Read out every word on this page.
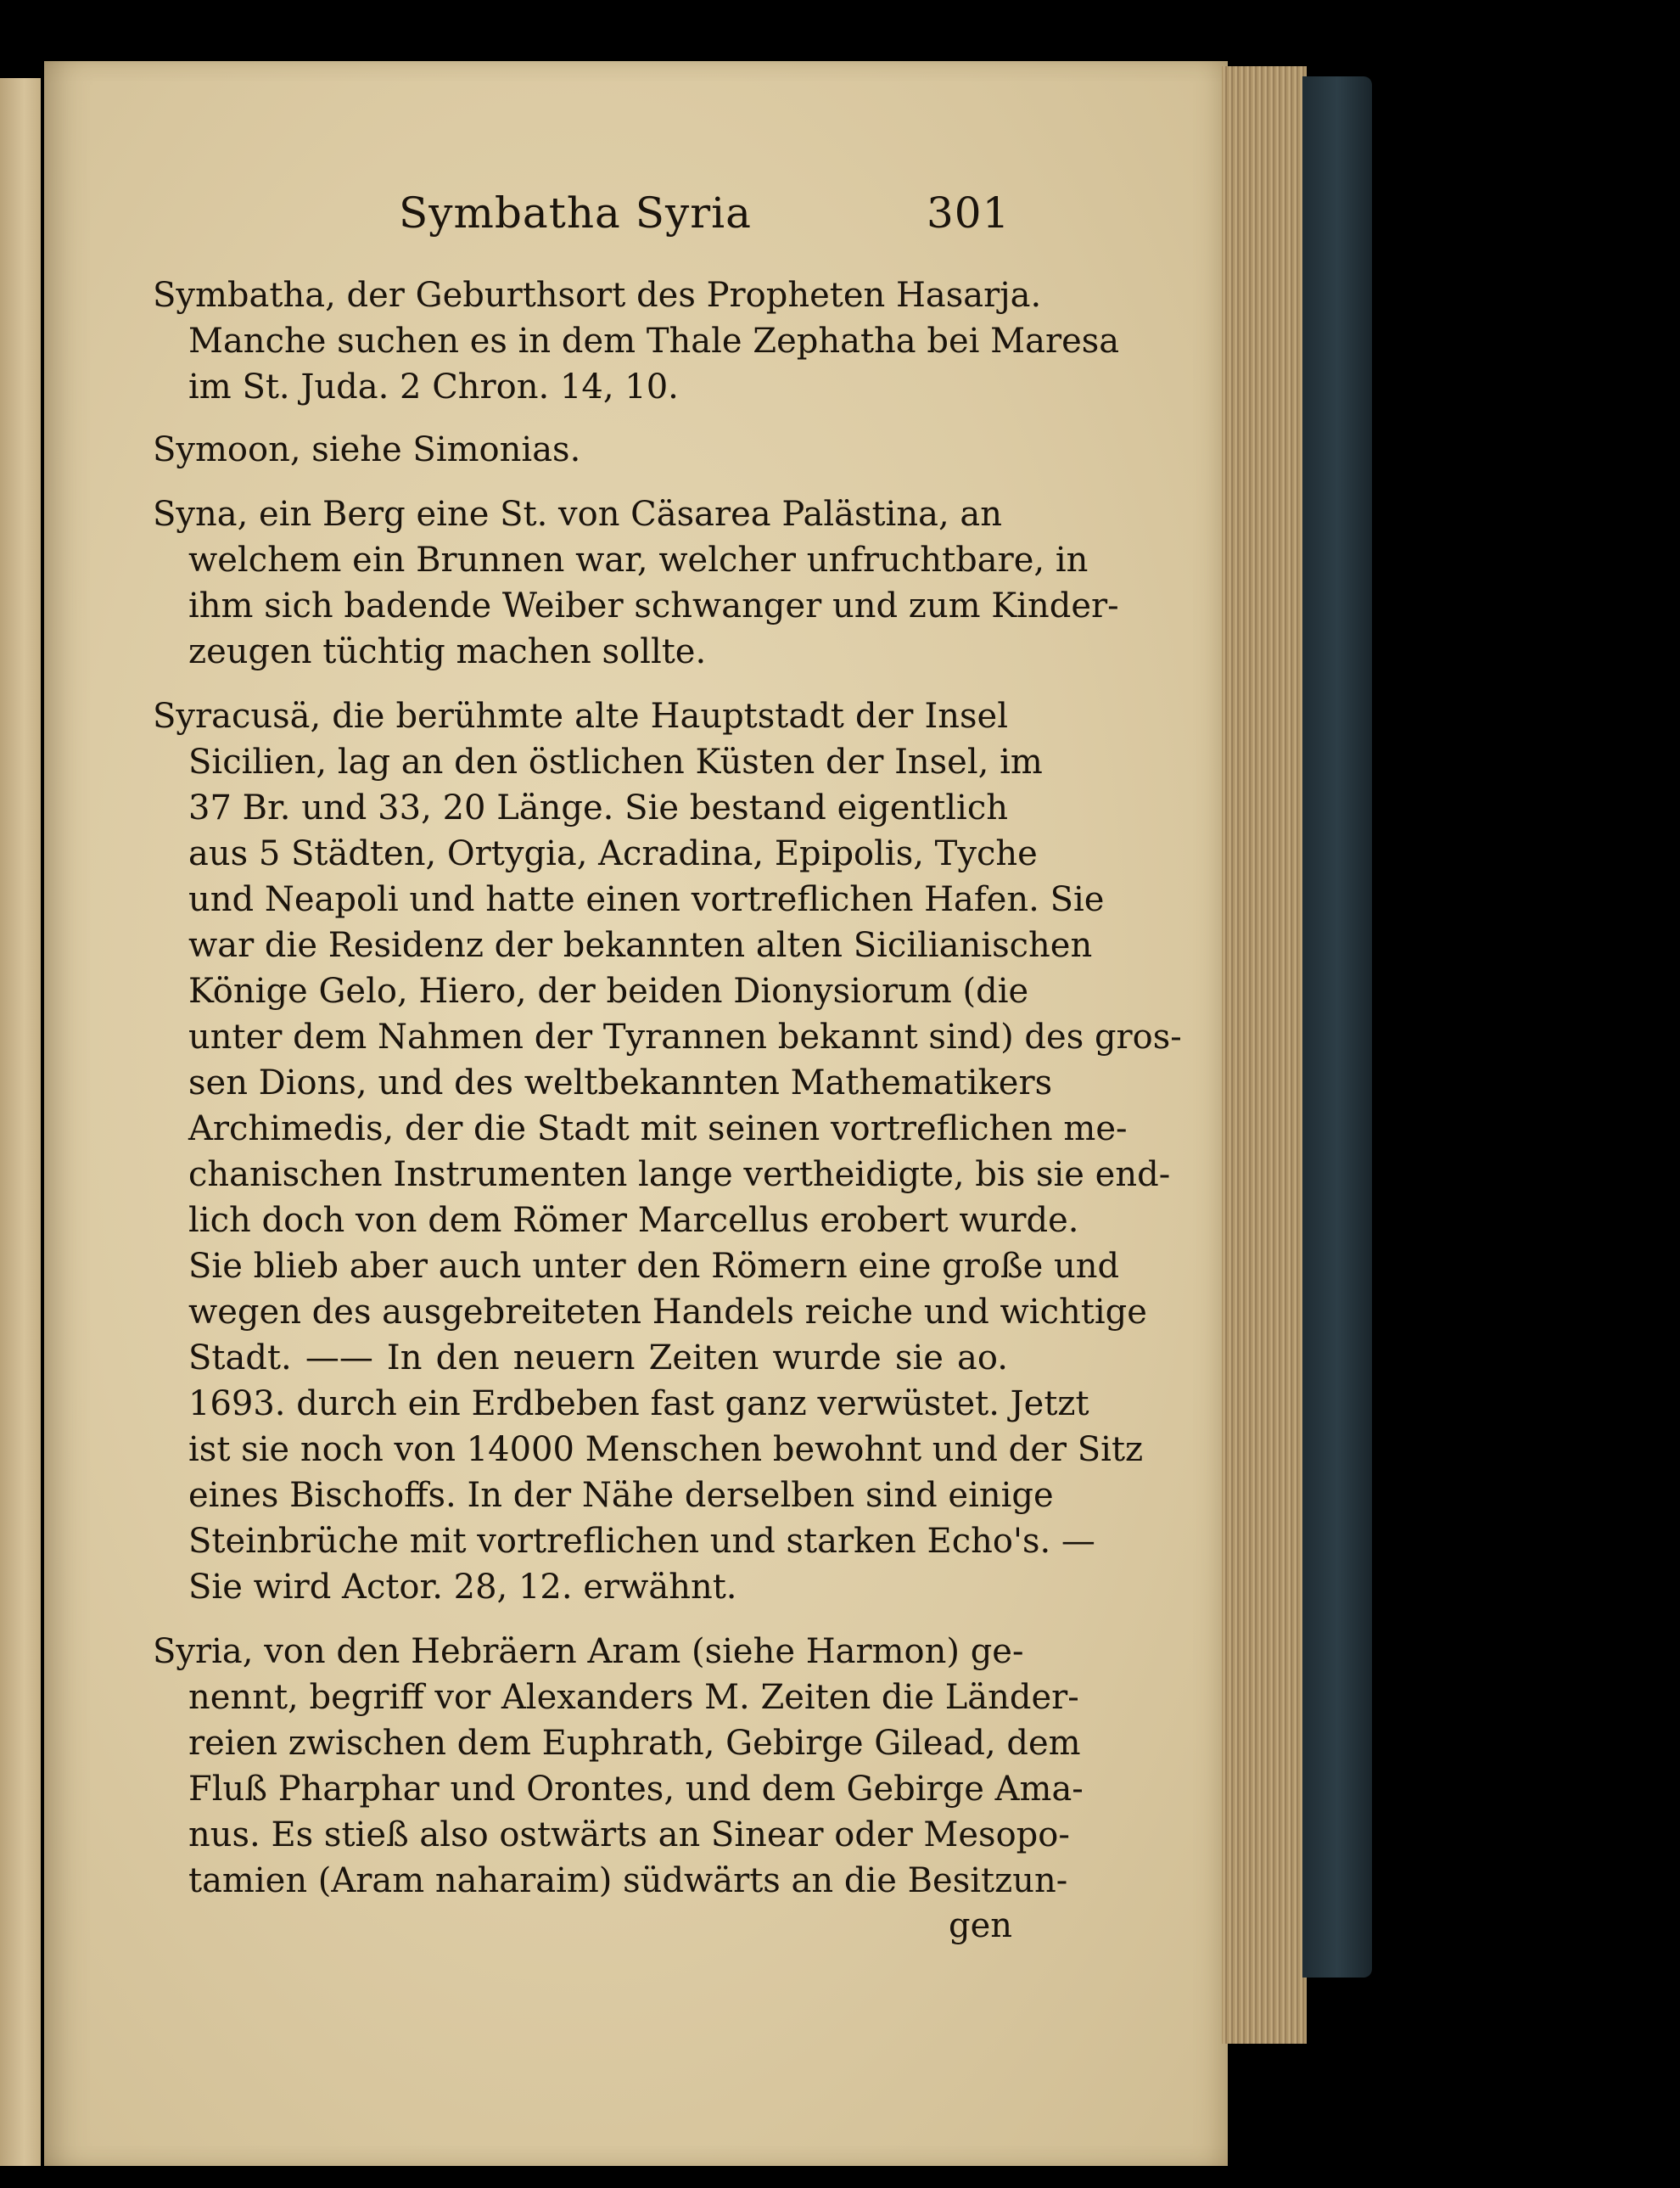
Symbatha Syria	301
Symbatha, der Geburthsort des Propheten Hasarja.
Manche suchen es in dem Thale Zephatha bei Maresa
im St. Juda. 2 Chron. 14, 10.
Symoon, siehe Simonias.
Syna, ein Berg eine St. von Cäsarea Palästina, an
welchem ein Brunnen war, welcher unfruchtbare, in
ihm sich badende Weiber schwanger und zum Kinder-
zeugen tüchtig machen sollte.
Syracusä, die berühmte alte Hauptstadt der Insel
Sicilien, lag an den östlichen Küsten der Insel, im
37 Br. und 33, 20 Länge. Sie bestand eigentlich
aus 5 Städten, Ortygia, Acradina, Epipolis, Tyche
und Neapoli und hatte einen vortreflichen Hafen. Sie
war die Residenz der bekannten alten Sicilianischen
Könige Gelo, Hiero, der beiden Dionysiorum (die
unter dem Nahmen der Tyrannen bekannt sind) des gros-
sen Dions, und des weltbekannten Mathematikers
Archimedis, der die Stadt mit seinen vortreflichen me-
chanischen Instrumenten lange vertheidigte, bis sie end-
lich doch von dem Römer Marcellus erobert wurde.
Sie blieb aber auch unter den Römern eine große und
wegen des ausgebreiteten Handels reiche und wichtige
Stadt. —— In den neuern Zeiten wurde sie ao.
1693. durch ein Erdbeben fast ganz verwüstet. Jetzt
ist sie noch von 14000 Menschen bewohnt und der Sitz
eines Bischoffs. In der Nähe derselben sind einige
Steinbrüche mit vortreflichen und starken Echo's. —
Sie wird Actor. 28, 12. erwähnt.
Syria, von den Hebräern Aram (siehe Harmon) ge-
nennt, begriff vor Alexanders M. Zeiten die Länder-
reien zwischen dem Euphrath, Gebirge Gilead, dem
Fluß Pharphar und Orontes, und dem Gebirge Ama-
nus. Es stieß also ostwärts an Sinear oder Mesopo-
tamien (Aram naharaim) südwärts an die Besitzun-
gen
